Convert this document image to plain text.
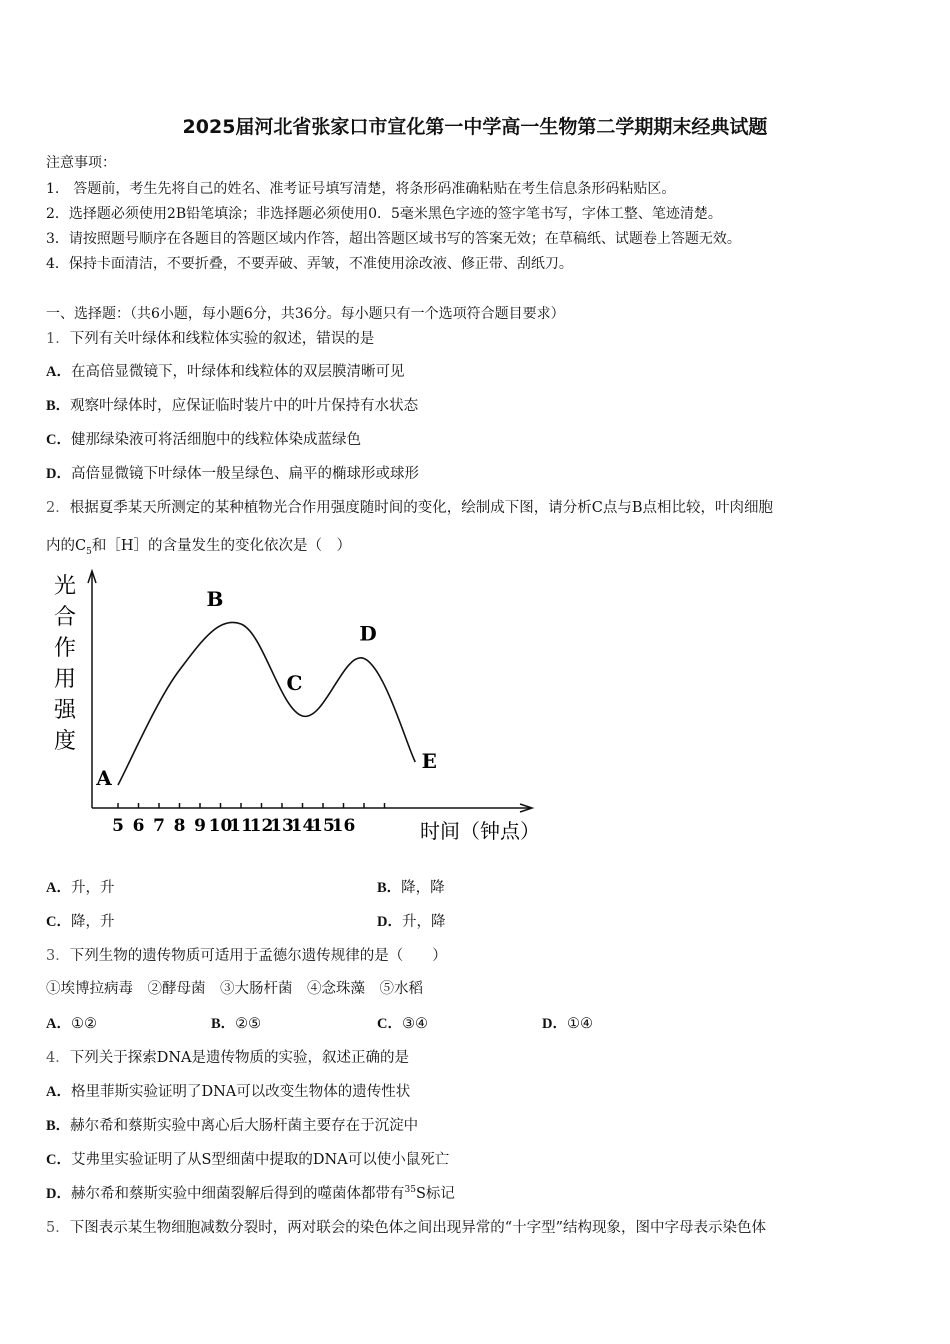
2025届河北省张家口市宣化第一中学高一生物第二学期期末经典试题
注意事项：
1.　答题前，考生先将自己的姓名、准考证号填写清楚，将条形码准确粘贴在考生信息条形码粘贴区。
2．选择题必须使用2B铅笔填涂；非选择题必须使用0．5毫米黑色字迹的签字笔书写，字体工整、笔迹清楚。
3．请按照题号顺序在各题目的答题区域内作答，超出答题区域书写的答案无效；在草稿纸、试题卷上答题无效。
4．保持卡面清洁，不要折叠，不要弄破、弄皱，不准使用涂改液、修正带、刮纸刀。
一、选择题：（共6小题，每小题6分，共36分。每小题只有一个选项符合题目要求）
1．下列有关叶绿体和线粒体实验的叙述，错误的是
A．在高倍显微镜下，叶绿体和线粒体的双层膜清晰可见
B．观察叶绿体时，应保证临时装片中的叶片保持有水状态
C．健那绿染液可将活细胞中的线粒体染成蓝绿色
D．高倍显微镜下叶绿体一般呈绿色、扁平的椭球形或球形
2．根据夏季某天所测定的某种植物光合作用强度随时间的变化，绘制成下图，请分析C点与B点相比较，叶肉细胞
内的$C_5$和［H］的含量发生的变化依次是（　）
光
合
作
用
强
度
5 6 7 8 9 10
11
12
13
14
15
16
A
B
C
D
E
时间（钟点）
A．升，升	B．降，降
C．降，升	D．升，降
3．下列生物的遗传物质可适用于孟德尔遗传规律的是（　　）
①埃博拉病毒　②酵母菌　③大肠杆菌　④念珠藻　⑤水稻
A．①②	B．②⑤	C．③④	D．①④
4．下列关于探索DNA是遗传物质的实验，叙述正确的是
A．格里菲斯实验证明了DNA可以改变生物体的遗传性状
B．赫尔希和蔡斯实验中离心后大肠杆菌主要存在于沉淀中
C．艾弗里实验证明了从S型细菌中提取的DNA可以使小鼠死亡
D．赫尔希和蔡斯实验中细菌裂解后得到的噬菌体都带有$^{35}$S标记
5．下图表示某生物细胞减数分裂时，两对联会的染色体之间出现异常的“十字型”结构现象，图中字母表示染色体
